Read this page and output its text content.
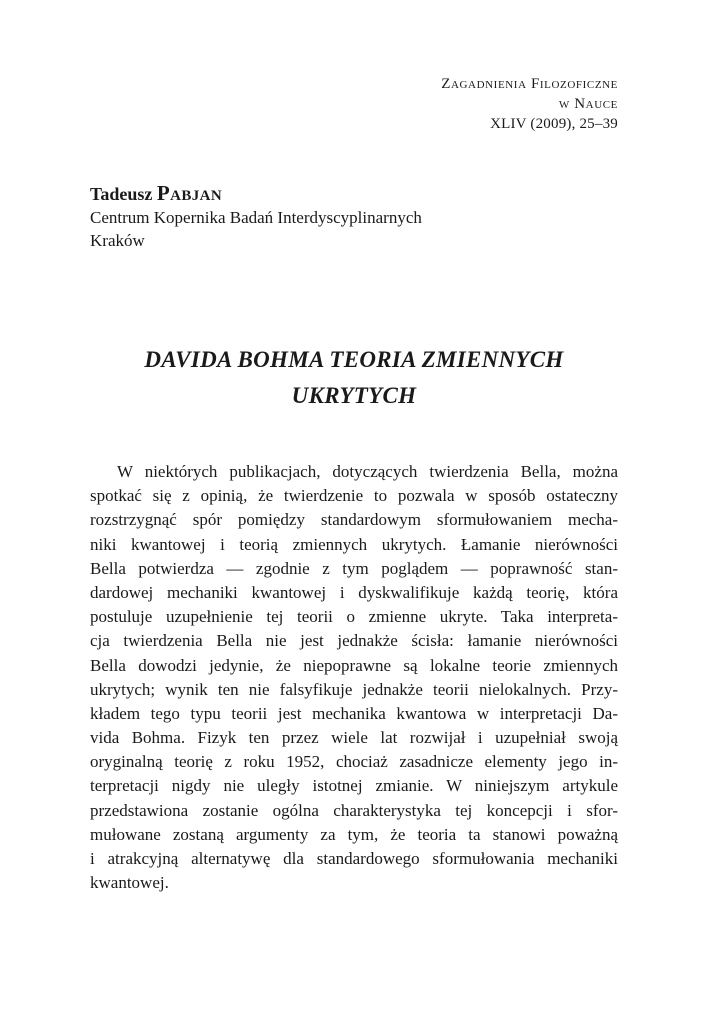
Zagadnienia Filozoficzne
w Nauce
XLIV (2009), 25–39
Tadeusz Pabjan
Centrum Kopernika Badań Interdyscyplinarnych
Kraków
DAVIDA BOHMA TEORIA ZMIENNYCH
UKRYTYCH
W niektórych publikacjach, dotyczących twierdzenia Bella, można
spotkać się z opinią, że twierdzenie to pozwala w sposób ostateczny
rozstrzygnąć spór pomiędzy standardowym sformułowaniem mecha-
niki kwantowej i teorią zmiennych ukrytych. Łamanie nierówności
Bella potwierdza — zgodnie z tym poglądem — poprawność stan-
dardowej mechaniki kwantowej i dyskwalifikuje każdą teorię, która
postuluje uzupełnienie tej teorii o zmienne ukryte. Taka interpreta-
cja twierdzenia Bella nie jest jednakże ścisła: łamanie nierówności
Bella dowodzi jedynie, że niepoprawne są lokalne teorie zmiennych
ukrytych; wynik ten nie falsyfikuje jednakże teorii nielokalnych. Przy-
kładem tego typu teorii jest mechanika kwantowa w interpretacji Da-
vida Bohma. Fizyk ten przez wiele lat rozwijał i uzupełniał swoją
oryginalną teorię z roku 1952, chociaż zasadnicze elementy jego in-
terpretacji nigdy nie uległy istotnej zmianie. W niniejszym artykule
przedstawiona zostanie ogólna charakterystyka tej koncepcji i sfor-
mułowane zostaną argumenty za tym, że teoria ta stanowi poważną
i atrakcyjną alternatywę dla standardowego sformułowania mechaniki
kwantowej.
